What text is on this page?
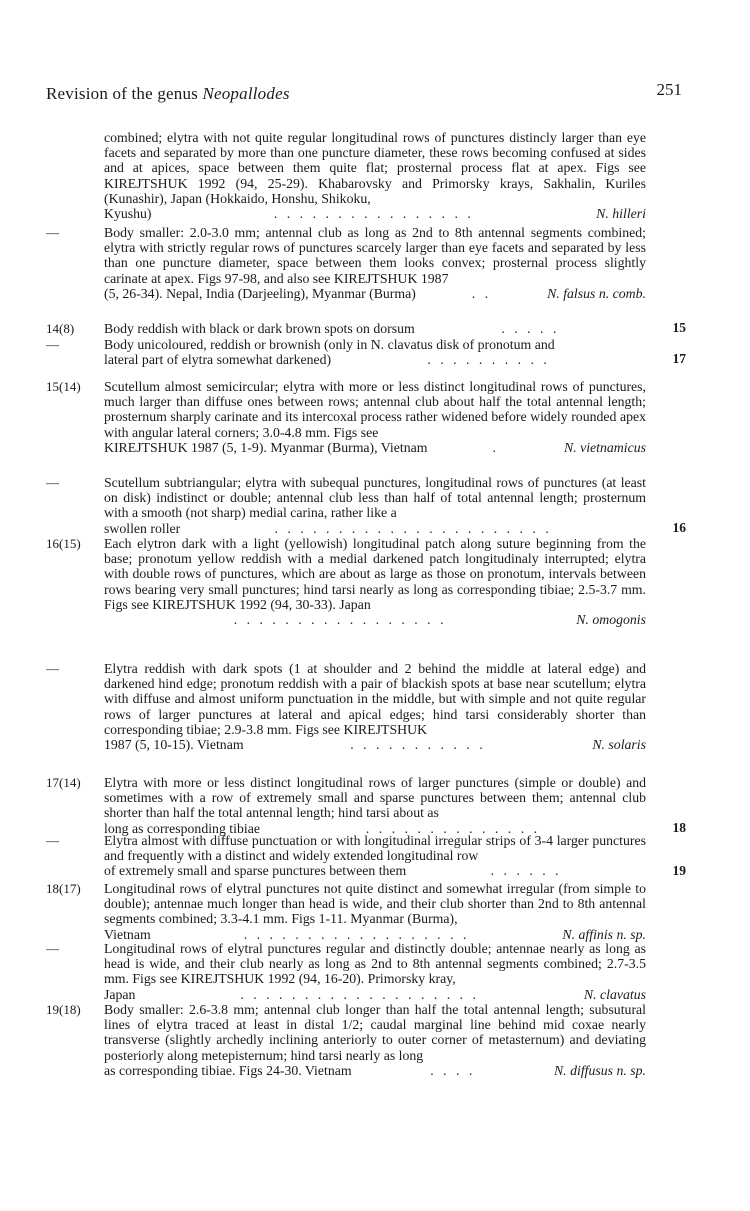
Revision of the genus Neopallodes	251
combined; elytra with not quite regular longitudinal rows of punctures distincly larger than eye facets and separated by more than one puncture diameter, these rows becoming confused at sides and at apices, space between them quite flat; prosternal process flat at apex. Figs see KIREJTSHUK 1992 (94, 25-29). Khabarovsky and Primorsky krays, Sakhalin, Kuriles (Kunashir), Japan (Hokkaido, Honshu, Shikoku,
Kyushu)	. . . . . . . . . . . . . . . .	N. hilleri
—	Body smaller: 2.0-3.0 mm; antennal club as long as 2nd to 8th antennal segments combined; elytra with strictly regular rows of punctures scarcely larger than eye facets and separated by less than one puncture diameter, space between them looks convex; prosternal process slightly carinate at apex. Figs 97-98, and also see KIREJTSHUK 1987
(5, 26-34). Nepal, India (Darjeeling), Myanmar (Burma)	. .	N. falsus n. comb.
14(8)	Body reddish with black or dark brown spots on dorsum	. . . . .	15
—	Body unicoloured, reddish or brownish (only in N. clavatus disk of pronotum and
lateral part of elytra somewhat darkened)	. . . . . . . . . .	17
15(14)	Scutellum almost semicircular; elytra with more or less distinct longitudinal rows of punctures, much larger than diffuse ones between rows; antennal club about half the total antennal length; prosternum sharply carinate and its intercoxal process rather widened before widely rounded apex with angular lateral corners; 3.0-4.8 mm. Figs see
KIREJTSHUK 1987 (5, 1-9). Myanmar (Burma), Vietnam	.	N. vietnamicus
—	Scutellum subtriangular; elytra with subequal punctures, longitudinal rows of punctures (at least on disk) indistinct or double; antennal club less than half of total antennal length; prosternum with a smooth (not sharp) medial carina, rather like a
swollen roller	. . . . . . . . . . . . . . . . . . . . . .	16
16(15)	Each elytron dark with a light (yellowish) longitudinal patch along suture beginning from the base; pronotum yellow reddish with a medial darkened patch longitudinaly interrupted; elytra with double rows of punctures, which are about as large as those on pronotum, intervals between rows bearing very small punctures; hind tarsi nearly as long as corresponding tibiae; 2.5-3.7 mm. Figs see KIREJTSHUK 1992 (94, 30-33). Japan
. . . . . . . . . . . . . . . . .	N. omogonis
—	Elytra reddish with dark spots (1 at shoulder and 2 behind the middle at lateral edge) and darkened hind edge; pronotum reddish with a pair of blackish spots at base near scutellum; elytra with diffuse and almost uniform punctuation in the middle, but with simple and not quite regular rows of larger punctures at lateral and apical edges; hind tarsi considerably shorter than corresponding tibiae; 2.9-3.8 mm. Figs see KIREJTSHUK
1987 (5, 10-15). Vietnam	. . . . . . . . . . .	N. solaris
17(14)	Elytra with more or less distinct longitudinal rows of larger punctures (simple or double) and sometimes with a row of extremely small and sparse punctures between them; antennal club shorter than half the total antennal length; hind tarsi about as
long as corresponding tibiae	. . . . . . . . . . . . . .	18
—	Elytra almost with diffuse punctuation or with longitudinal irregular strips of 3-4 larger punctures and frequently with a distinct and widely extended longitudinal row
of extremely small and sparse punctures between them	. . . . . .	19
18(17)	Longitudinal rows of elytral punctures not quite distinct and somewhat irregular (from simple to double); antennae much longer than head is wide, and their club shorter than 2nd to 8th antennal segments combined; 3.3-4.1 mm. Figs 1-11. Myanmar (Burma),
Vietnam	. . . . . . . . . . . . . . . . . .	N. affinis n. sp.
—	Longitudinal rows of elytral punctures regular and distinctly double; antennae nearly as long as head is wide, and their club nearly as long as 2nd to 8th antennal segments combined; 2.7-3.5 mm. Figs see KIREJTSHUK 1992 (94, 16-20). Primorsky kray,
Japan	. . . . . . . . . . . . . . . . . . .	N. clavatus
19(18)	Body smaller: 2.6-3.8 mm; antennal club longer than half the total antennal length; subsutural lines of elytra traced at least in distal 1/2; caudal marginal line behind mid coxae nearly transverse (slightly archedly inclining anteriorly to outer corner of metasternum) and deviating posteriorly along metepisternum; hind tarsi nearly as long
as corresponding tibiae. Figs 24-30. Vietnam	. . . .	N. diffusus n. sp.
